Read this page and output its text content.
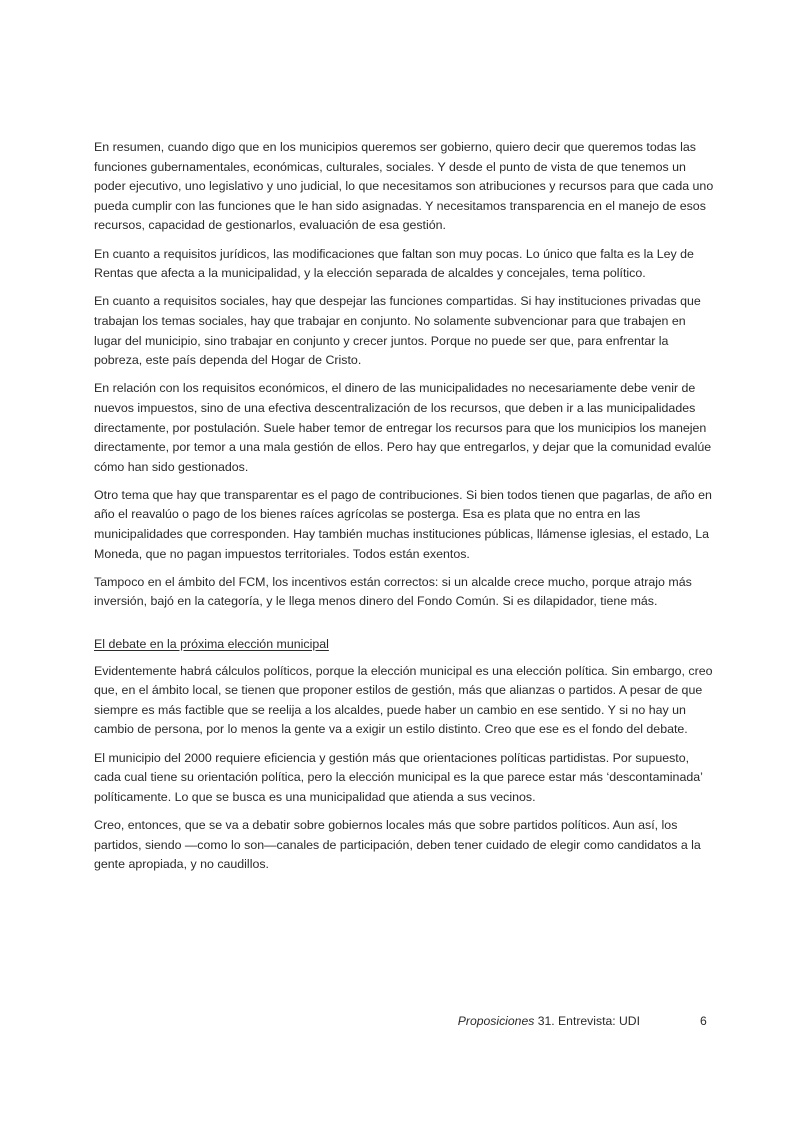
En resumen, cuando digo que en los municipios queremos ser gobierno, quiero decir que queremos todas las funciones gubernamentales, económicas, culturales, sociales. Y desde el punto de vista de que tenemos un poder ejecutivo, uno legislativo y uno judicial, lo que necesitamos son atribuciones y recursos para que cada uno pueda cumplir con las funciones que le han sido asignadas. Y necesitamos transparencia en el manejo de esos recursos, capacidad de gestionarlos, evaluación de esa gestión.

En cuanto a requisitos jurídicos, las modificaciones que faltan son muy pocas. Lo único que falta es la Ley de Rentas que afecta a la municipalidad, y la elección separada de alcaldes y concejales, tema político.

En cuanto a requisitos sociales, hay que despejar las funciones compartidas. Si hay instituciones privadas que trabajan los temas sociales, hay que trabajar en conjunto. No solamente subvencionar para que trabajen en lugar del municipio, sino trabajar en conjunto y crecer juntos. Porque no puede ser que, para enfrentar la pobreza, este país dependa del Hogar de Cristo.

En relación con los requisitos económicos, el dinero de las municipalidades no necesariamente debe venir de nuevos impuestos, sino de una efectiva descentralización de los recursos, que deben ir a las municipalidades directamente, por postulación. Suele haber temor de entregar los recursos para que los municipios los manejen directamente, por temor a una mala gestión de ellos. Pero hay que entregarlos, y dejar que la comunidad evalúe cómo han sido gestionados.

Otro tema que hay que transparentar es el pago de contribuciones. Si bien todos tienen que pagarlas, de año en año el reavalúo o pago de los bienes raíces agrícolas se posterga. Esa es plata que no entra en las municipalidades que corresponden. Hay también muchas instituciones públicas, llámense iglesias, el estado, La Moneda, que no pagan impuestos territoriales. Todos están exentos.

Tampoco en el ámbito del FCM, los incentivos están correctos: si un alcalde crece mucho, porque atrajo más inversión, bajó en la categoría, y le llega menos dinero del Fondo Común. Si es dilapidador, tiene más.

El debate en la próxima elección municipal

Evidentemente habrá cálculos políticos, porque la elección municipal es una elección política. Sin embargo, creo que, en el ámbito local, se tienen que proponer estilos de gestión, más que alianzas o partidos. A pesar de que siempre es más factible que se reelija a los alcaldes, puede haber un cambio en ese sentido. Y si no hay un cambio de persona, por lo menos la gente va a exigir un estilo distinto. Creo que ese es el fondo del debate.

El municipio del 2000 requiere eficiencia y gestión más que orientaciones políticas partidistas. Por supuesto, cada cual tiene su orientación política, pero la elección municipal es la que parece estar más ‘descontaminada’ políticamente. Lo que se busca es una municipalidad que atienda a sus vecinos.

Creo, entonces, que se va a debatir sobre gobiernos locales más que sobre partidos políticos. Aun así, los partidos, siendo —como lo son—canales de participación, deben tener cuidado de elegir como candidatos a la gente apropiada, y no caudillos.

Proposiciones 31. Entrevista: UDI	6
